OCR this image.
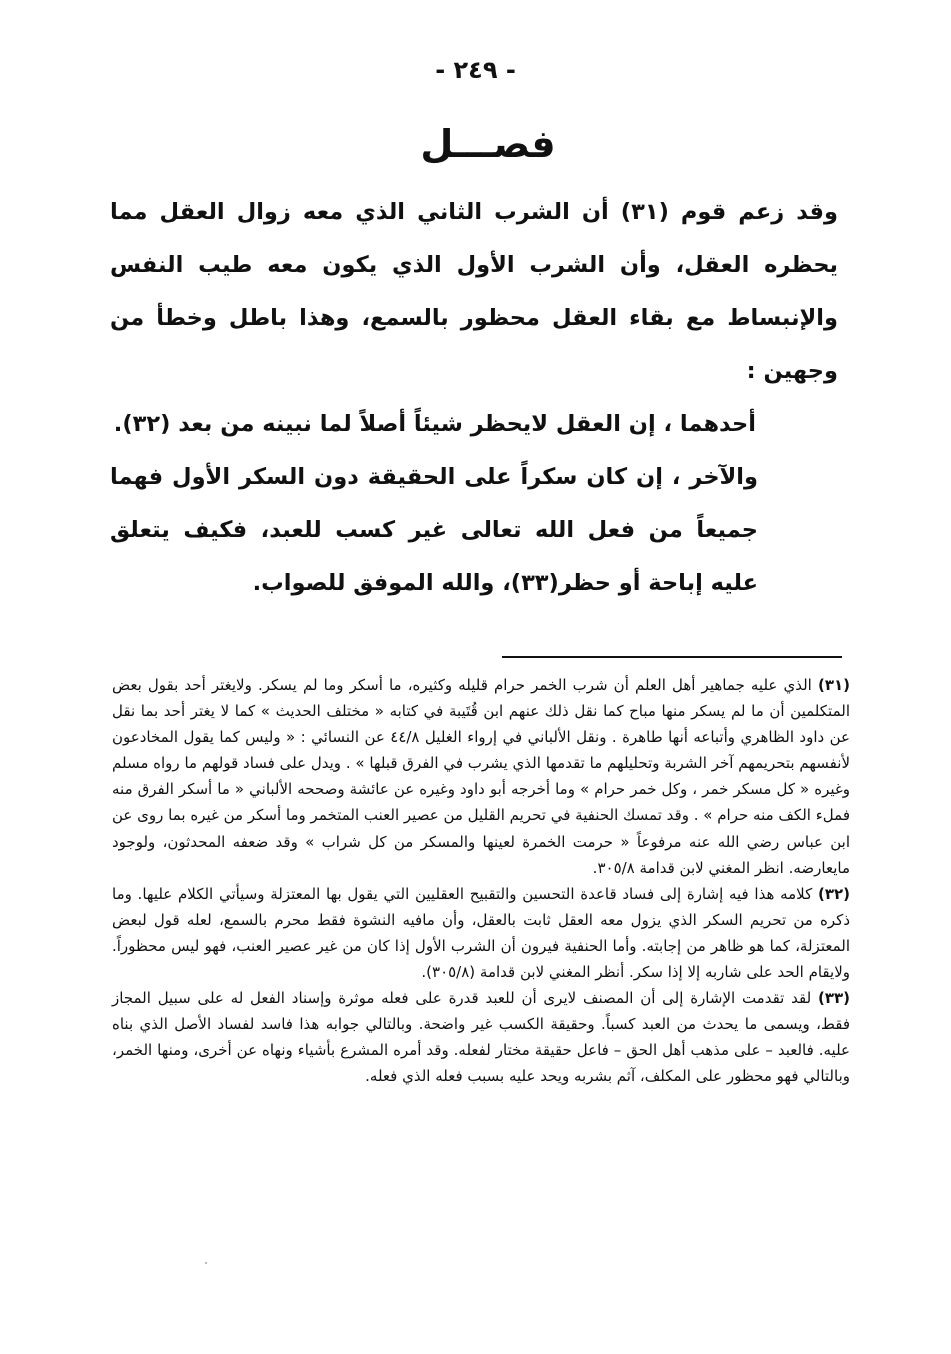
- ٢٤٩ -
فصـــل

وقد زعم قوم (٣١) أن الشرب الثاني الذي معه زوال العقل مما يحظره العقل، وأن الشرب الأول الذي يكون معه طيب النفس والإنبساط مع بقاء العقل محظور بالسمع، وهذا باطل وخطأ من وجهين :

أحدهما ، إن العقل لايحظر شيئاً أصلاً لما نبينه من بعد (٣٢).

والآخر ، إن كان سكراً على الحقيقة دون السكر الأول فهما جميعاً من فعل الله تعالى غير كسب للعبد، فكيف يتعلق عليه إباحة أو حظر(٣٣)، والله الموفق للصواب.

(٣١) الذي عليه جماهير أهل العلم أن شرب الخمر حرام قليله وكثيره، ما أسكر وما لم يسكر. ولايغتر أحد بقول بعض المتكلمين أن ما لم يسكر منها مباح كما نقل ذلك عنهم ابن قُتَيبة في كتابه « مختلف الحديث » كما لا يغتر أحد بما نقل عن داود الظاهري وأتباعه أنها طاهرة . ونقل الألباني في إرواء الغليل ٤٤/٨ عن النسائي : « وليس كما يقول المخادعون لأنفسهم بتحريمهم آخر الشربة وتحليلهم ما تقدمها الذي يشرب في الفرق قبلها » . ويدل على فساد قولهم ما رواه مسلم وغيره « كل مسكر خمر ، وكل خمر حرام » وما أخرجه أبو داود وغيره عن عائشة وصححه الألباني « ما أسكر الفرق منه فملء الكف منه حرام » . وقد تمسك الحنفية في تحريم القليل من عصير العنب المتخمر وما أسكر من غيره بما روى عن ابن عباس رضي الله عنه مرفوعاً « حرمت الخمرة لعينها والمسكر من كل شراب » وقد ضعفه المحدثون، ولوجود مايعارضه. انظر المغني لابن قدامة ٣٠٥/٨.

(٣٢) كلامه هذا فيه إشارة إلى فساد قاعدة التحسين والتقبيح العقليين التي يقول بها المعتزلة وسيأتي الكلام عليها. وما ذكره من تحريم السكر الذي يزول معه العقل ثابت بالعقل، وأن مافيه النشوة فقط محرم بالسمع، لعله قول لبعض المعتزلة، كما هو ظاهر من إجابته. وأما الحنفية فيرون أن الشرب الأول إذا كان من غير عصير العنب، فهو ليس محظوراً. ولايقام الحد على شاربه إلا إذا سكر. أنظر المغني لابن قدامة (٣٠٥/٨).

(٣٣) لقد تقدمت الإشارة إلى أن المصنف لايرى أن للعبد قدرة على فعله موثرة وإسناد الفعل له على سبيل المجاز فقط، ويسمى ما يحدث من العبد كسباً. وحقيقة الكسب غير واضحة. وبالتالي جوابه هذا فاسد لفساد الأصل الذي بناه عليه. فالعبد – على مذهب أهل الحق – فاعل حقيقة مختار لفعله. وقد أمره المشرع بأشياء ونهاه عن أخرى، ومنها الخمر، وبالتالي فهو محظور على المكلف، آثم بشربه ويحد عليه بسبب فعله الذي فعله.
